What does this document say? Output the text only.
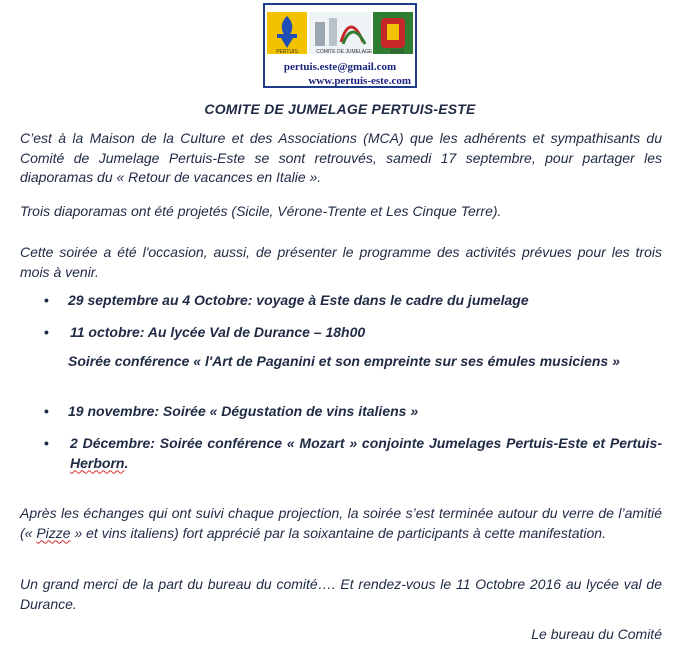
PERTUIS	COMITE DE JUMELAGE	ESTE
pertuis.este@gmail.com
www.pertuis-este.com
COMITE DE JUMELAGE PERTUIS-ESTE

C’est à la Maison de la Culture et des Associations (MCA) que les adhérents et sympathisants du Comité de Jumelage Pertuis-Este se sont retrouvés, samedi 17 septembre, pour partager les diaporamas du « Retour de vacances en Italie ».

Trois diaporamas ont été projetés (Sicile, Vérone-Trente et Les Cinque Terre).

Cette soirée a été l'occasion, aussi, de présenter le programme des activités prévues pour les trois mois à venir.

• 29 septembre au 4 Octobre: voyage à Este dans le cadre du jumelage
• 11 octobre: Au lycée Val de Durance – 18h00
Soirée conférence « l'Art de Paganini et son empreinte sur ses émules musiciens »
• 19 novembre: Soirée « Dégustation de vins italiens »
• 2 Décembre: Soirée conférence « Mozart » conjointe Jumelages Pertuis-Este et Pertuis-Herborn.

Après les échanges qui ont suivi chaque projection, la soirée s’est terminée autour du verre de l’amitié (« Pizze » et vins italiens) fort apprécié par la soixantaine de participants à cette manifestation.

Un grand merci de la part du bureau du comité…. Et rendez-vous le 11 Octobre 2016 au lycée val de Durance.

Le bureau du Comité
